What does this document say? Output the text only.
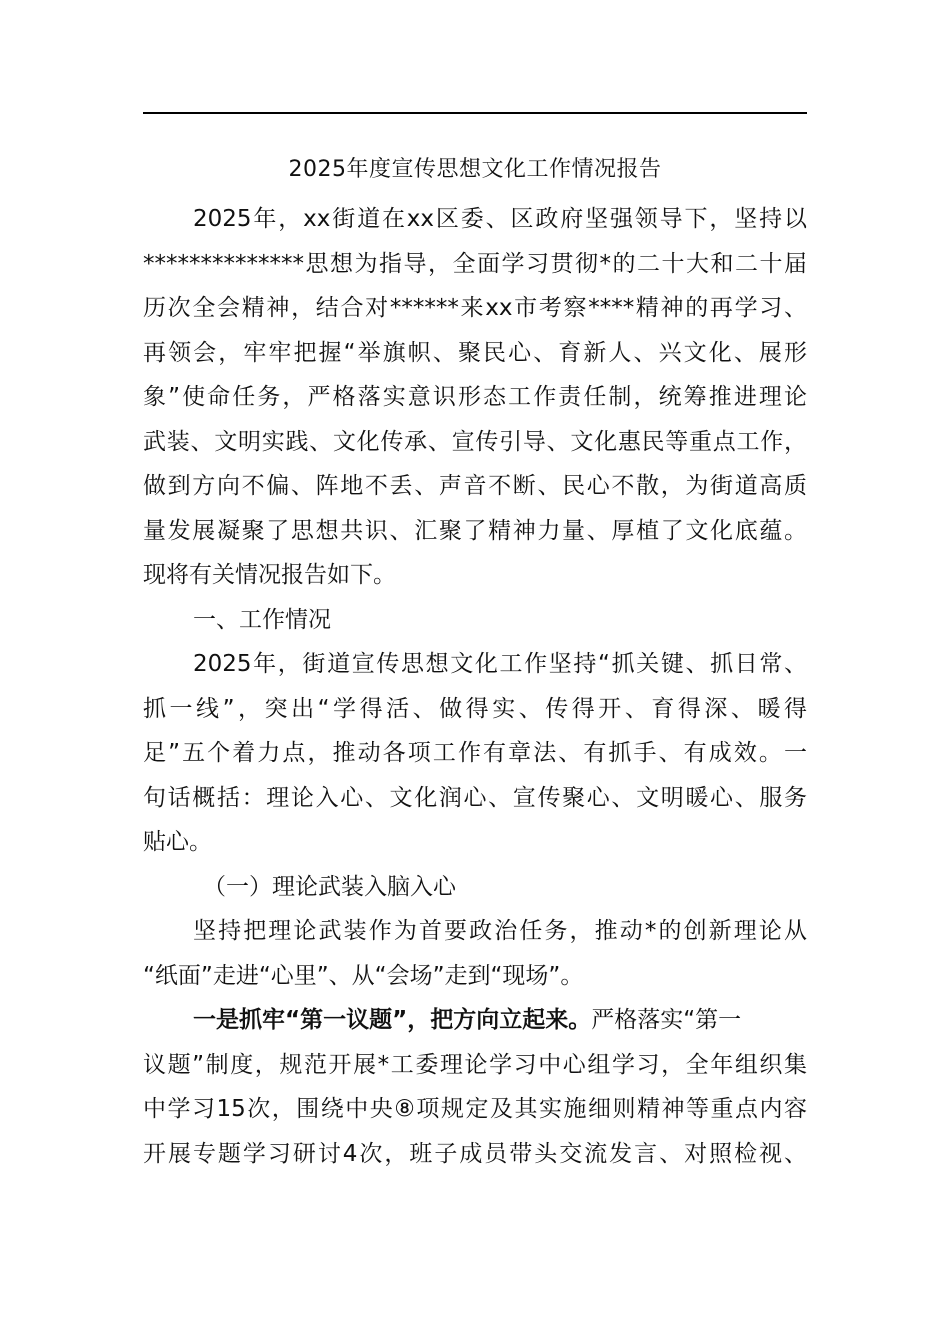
2025年度宣传思想文化工作情况报告
2025年，xx街道在xx区委、区政府坚强领导下，坚持以
**************思想为指导，全面学习贯彻*的二十大和二十届
历次全会精神，结合对******来xx市考察****精神的再学习、
再领会，牢牢把握“举旗帜、聚民心、育新人、兴文化、展形
象”使命任务，严格落实意识形态工作责任制，统筹推进理论
武装、文明实践、文化传承、宣传引导、文化惠民等重点工作，
做到方向不偏、阵地不丢、声音不断、民心不散，为街道高质
量发展凝聚了思想共识、汇聚了精神力量、厚植了文化底蕴。
现将有关情况报告如下。
一、工作情况
2025年，街道宣传思想文化工作坚持“抓关键、抓日常、
抓一线”，突出“学得活、做得实、传得开、育得深、暖得
足”五个着力点，推动各项工作有章法、有抓手、有成效。一
句话概括：理论入心、文化润心、宣传聚心、文明暖心、服务
贴心。
（一）理论武装入脑入心
坚持把理论武装作为首要政治任务，推动*的创新理论从
“纸面”走进“心里”、从“会场”走到“现场”。
一是抓牢“第一议题”，把方向立起来。严格落实“第一
议题”制度，规范开展*工委理论学习中心组学习，全年组织集
中学习15次，围绕中央⑧项规定及其实施细则精神等重点内容
开展专题学习研讨4次，班子成员带头交流发言、对照检视、
